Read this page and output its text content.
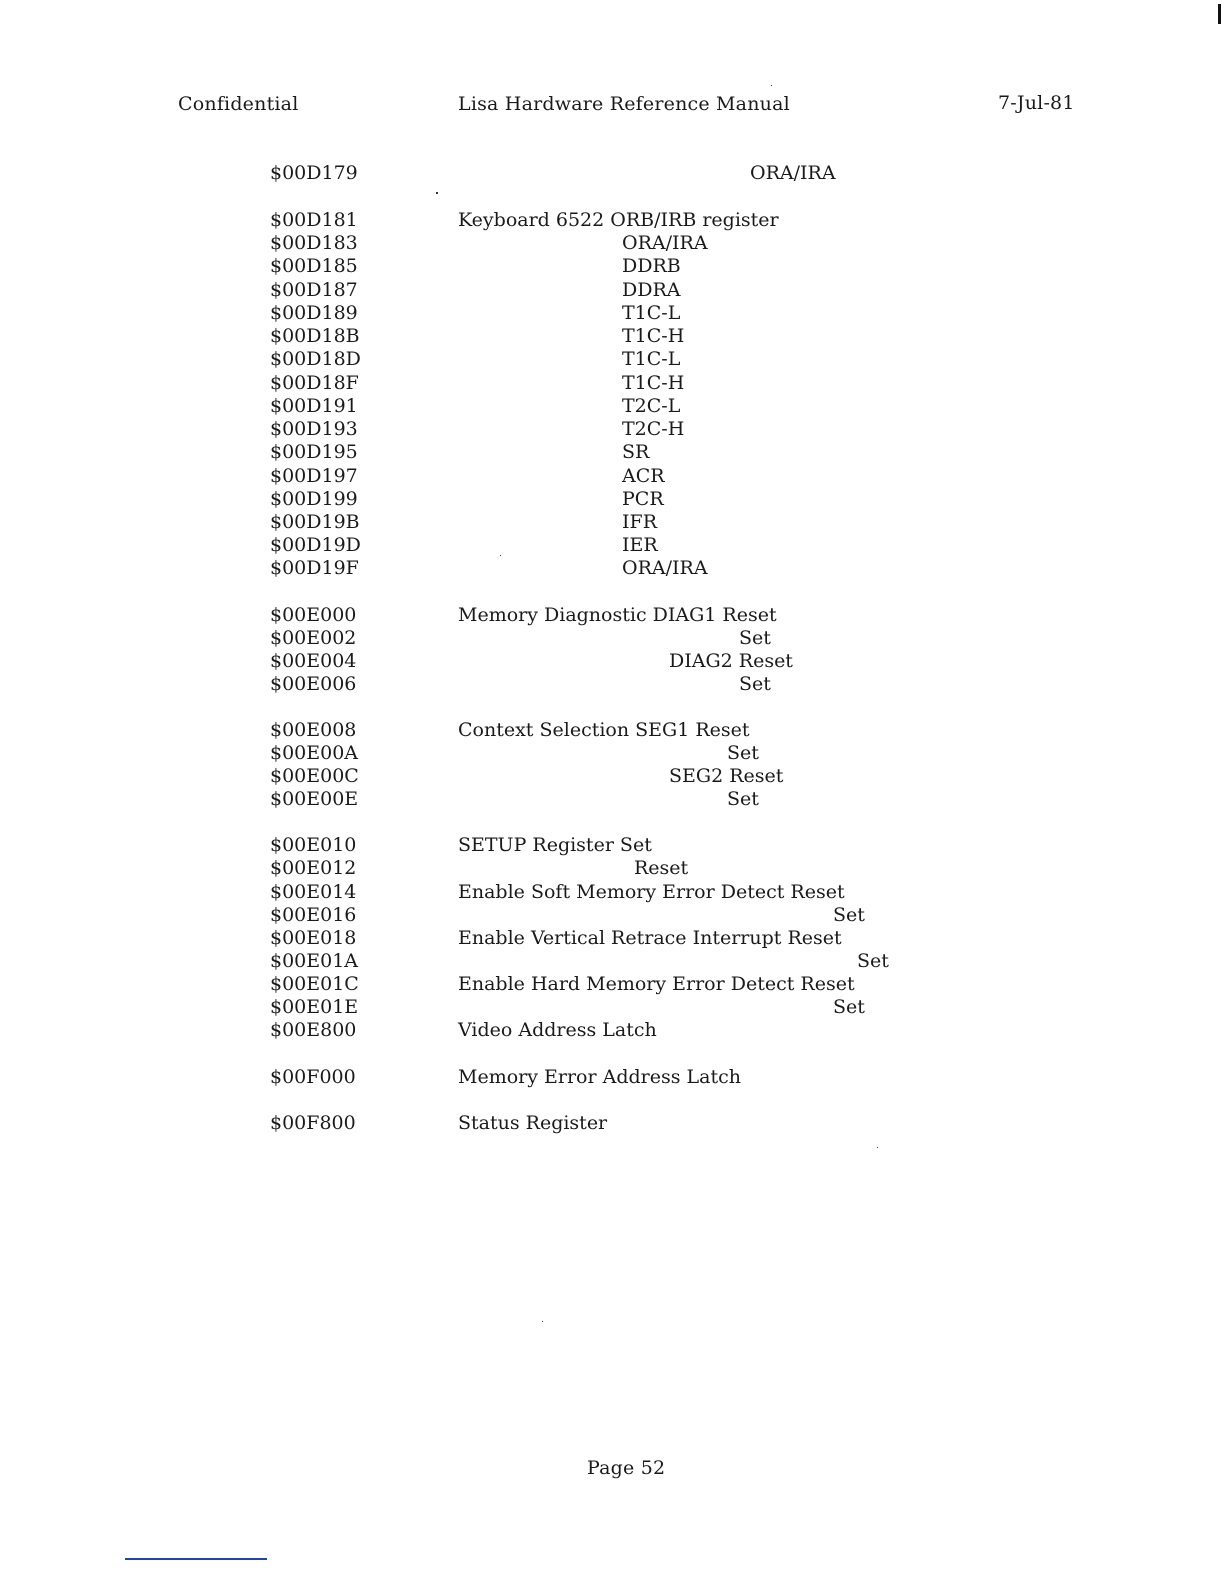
Confidential	Lisa Hardware Reference Manual	7-Jul-81
$00D179	ORA/IRA
$00D181	Keyboard 6522 ORB/IRB register
$00D183	ORA/IRA
$00D185	DDRB
$00D187	DDRA
$00D189	T1C-L
$00D18B	T1C-H
$00D18D	T1C-L
$00D18F	T1C-H
$00D191	T2C-L
$00D193	T2C-H
$00D195	SR
$00D197	ACR
$00D199	PCR
$00D19B	IFR
$00D19D	IER
$00D19F	ORA/IRA
$00E000	Memory Diagnostic DIAG1 Reset
$00E002	Set
$00E004	DIAG2 Reset
$00E006	Set
$00E008	Context Selection SEG1 Reset
$00E00A	Set
$00E00C	SEG2 Reset
$00E00E	Set
$00E010	SETUP Register Set
$00E012	Reset
$00E014	Enable Soft Memory Error Detect Reset
$00E016	Set
$00E018	Enable Vertical Retrace Interrupt Reset
$00E01A	Set
$00E01C	Enable Hard Memory Error Detect Reset
$00E01E	Set
$00E800	Video Address Latch
$00F000	Memory Error Address Latch
$00F800	Status Register
Page 52
